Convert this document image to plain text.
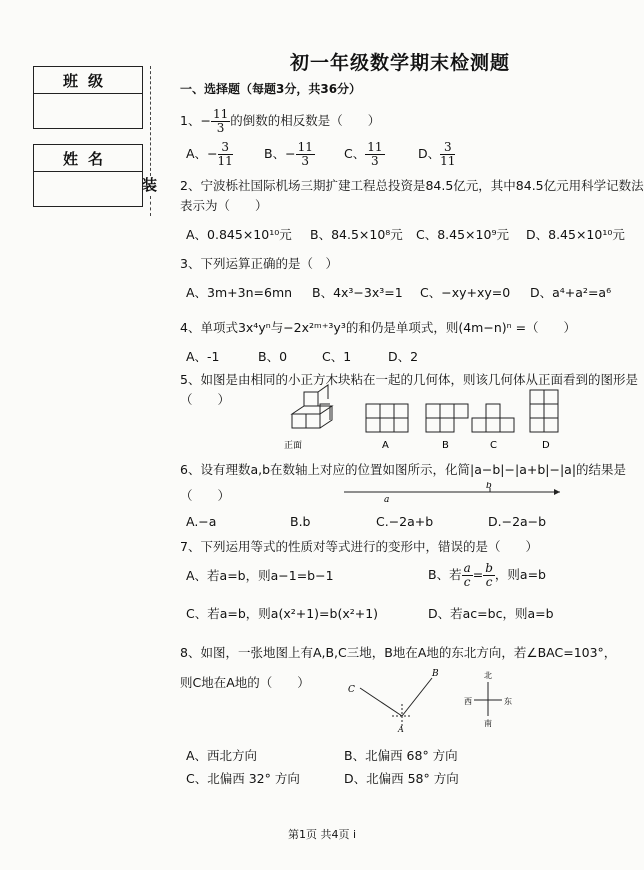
班级
姓名
装
初一年级数学期末检测题
一、选择题（每题3分，共36分）
1、− $\frac{11}{3}$ 的倒数的相反数是（　　）
A、− $\frac{3}{11}$ B、− $\frac{11}{3}$ C、 $\frac{11}{3}$	D、 $\frac{3}{11}$
2、宁波栎社国际机场三期扩建工程总投资是84.5亿元，其中84.5亿元用科学记数法
表示为（　　）
A、0.845×10¹⁰元 B、84.5×10⁸元 C、8.45×10⁹元 D、8.45×10¹⁰元
3、下列运算正确的是（　）
A、3m+3n=6mn B、4x³−3x³=1 C、−xy+xy=0 D、a⁴+a²=a⁶
4、单项式3x⁴yⁿ与−2x²ᵐ⁺³y³的和仍是单项式，则(4m−n)ⁿ =（　　）
A、-1	B、0	C、1	D、2
5、如图是由相同的小正方木块粘在一起的几何体，则该几何体从正面看到的图形是
（　　）
正面	A	B	C	D
6、设有理数a,b在数轴上对应的位置如图所示，化简|a−b|−|a+b|−|a|的结果是
（　　）	a
b
A.−a	B.b	C.−2a+b	D.−2a−b
7、下列运用等式的性质对等式进行的变形中，错误的是（　　）
A、若a=b，则a−1=b−1	B、若 $\frac{a}{c} = \frac{b}{c}$ ，则a=b
C、若a=b，则a(x²+1)=b(x²+1)	D、若ac=bc，则a=b
8、如图，一张地图上有A,B,C三地，B地在A地的东北方向，若∠BAC=103°，
则C地在A地的（　　）	C
B
A
北
南
西	东
A、西北方向	B、北偏西 68° 方向
C、北偏西 32° 方向	D、北偏西 58° 方向
第1页 共4页 ⅰ
